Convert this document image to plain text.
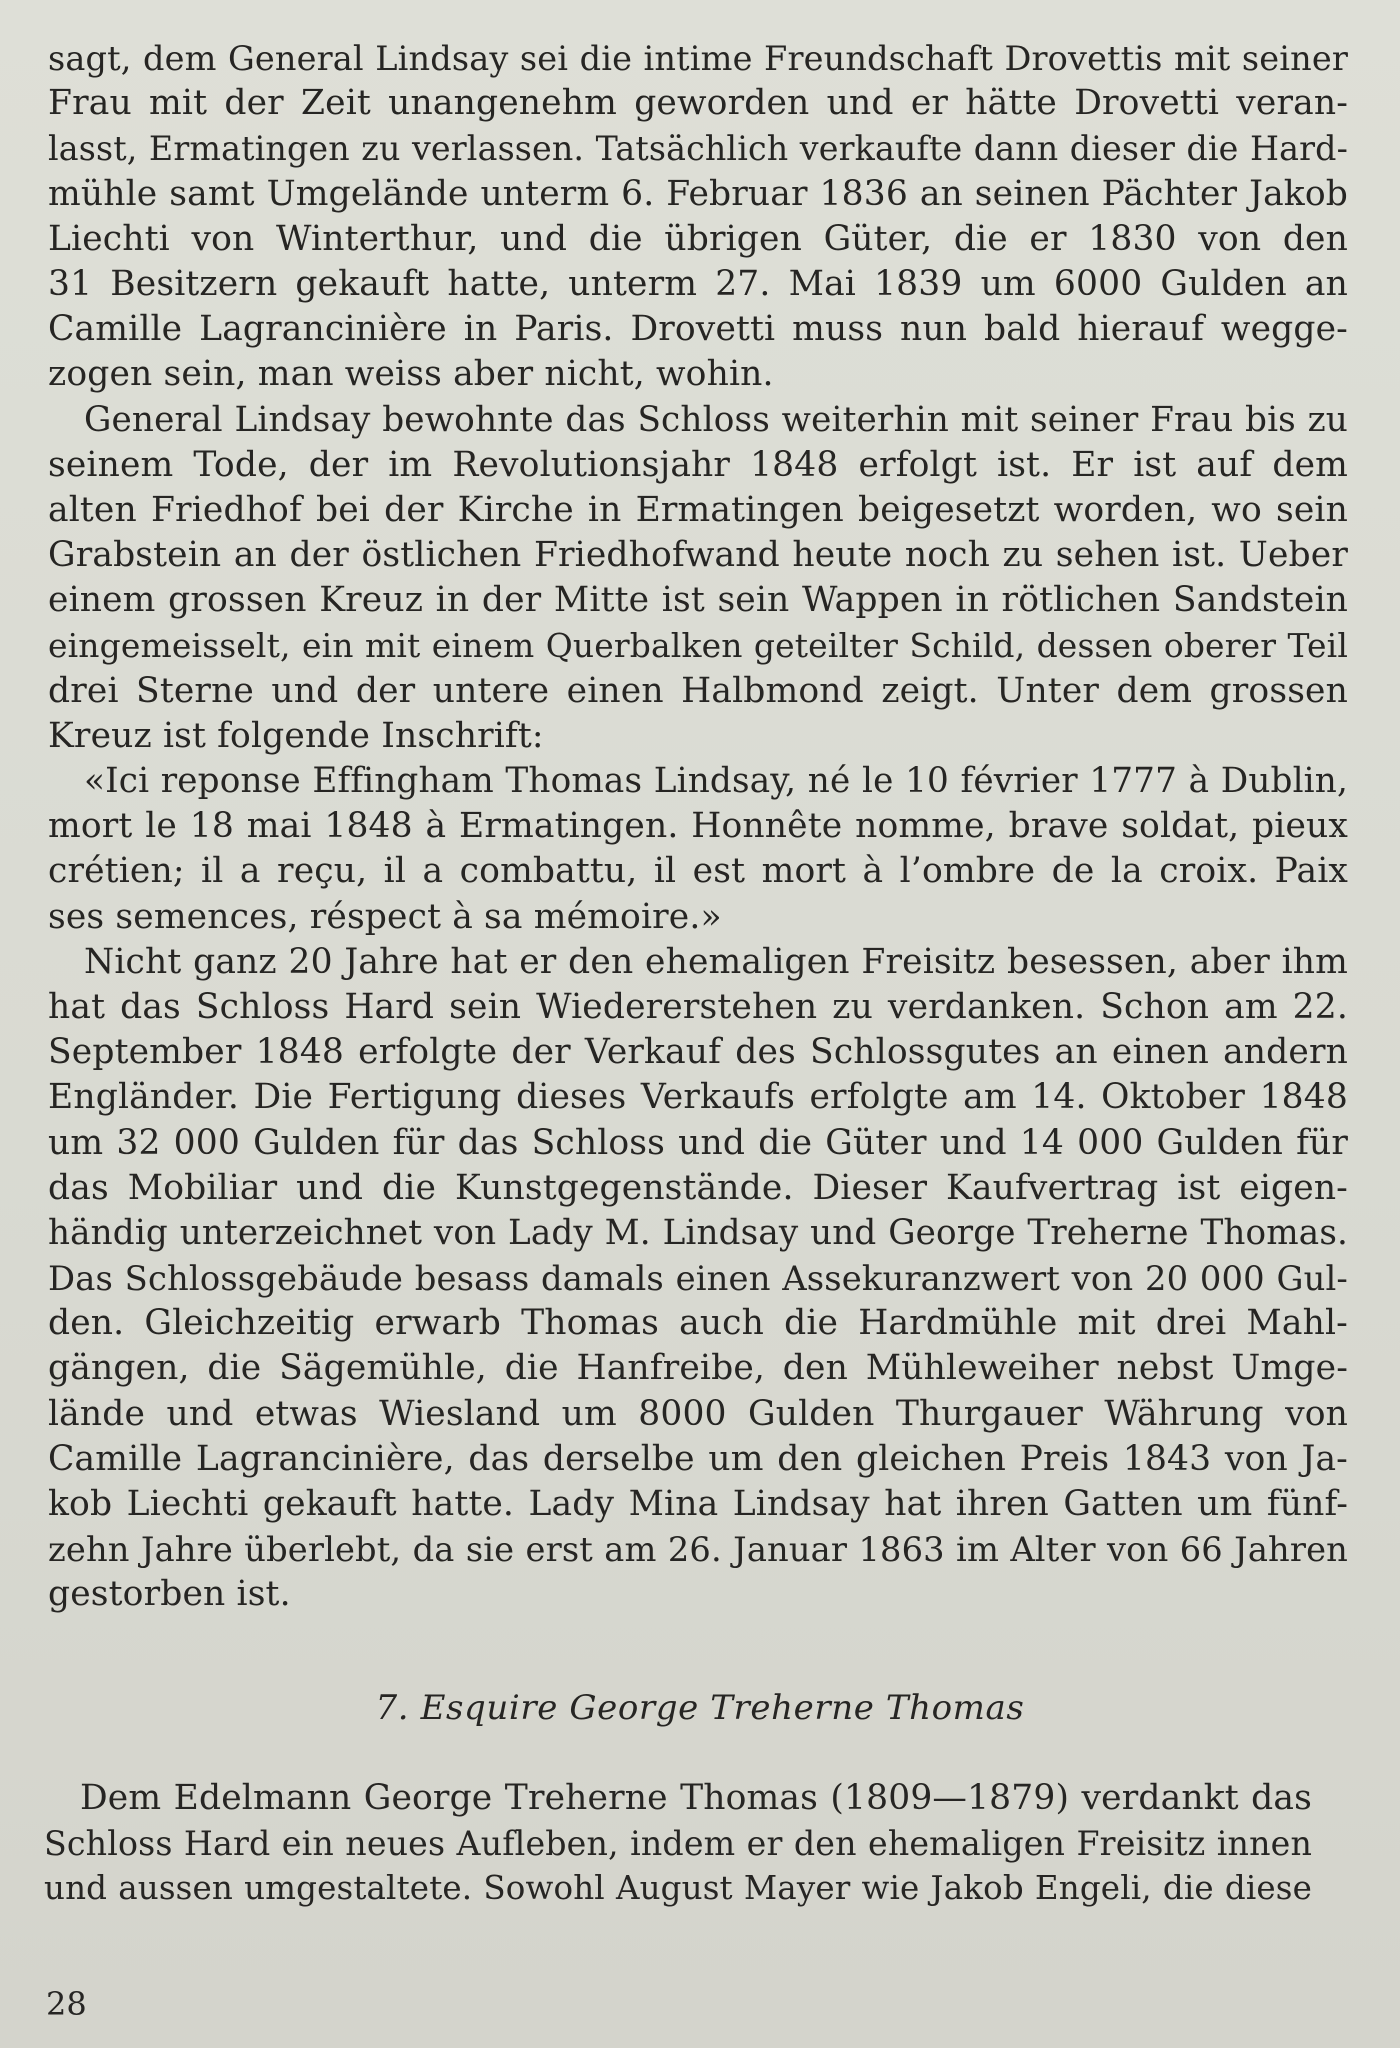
sagt, dem General Lindsay sei die intime Freundschaft Drovettis mit seiner
Frau mit der Zeit unangenehm geworden und er hätte Drovetti veran-
lasst, Ermatingen zu verlassen. Tatsächlich verkaufte dann dieser die Hard-
mühle samt Umgelände unterm 6. Februar 1836 an seinen Pächter Jakob
Liechti von Winterthur, und die übrigen Güter, die er 1830 von den
31 Besitzern gekauft hatte, unterm 27. Mai 1839 um 6000 Gulden an
Camille Lagrancinière in Paris. Drovetti muss nun bald hierauf wegge-
zogen sein, man weiss aber nicht, wohin.
General Lindsay bewohnte das Schloss weiterhin mit seiner Frau bis zu
seinem Tode, der im Revolutionsjahr 1848 erfolgt ist. Er ist auf dem
alten Friedhof bei der Kirche in Ermatingen beigesetzt worden, wo sein
Grabstein an der östlichen Friedhofwand heute noch zu sehen ist. Ueber
einem grossen Kreuz in der Mitte ist sein Wappen in rötlichen Sandstein
eingemeisselt, ein mit einem Querbalken geteilter Schild, dessen oberer Teil
drei Sterne und der untere einen Halbmond zeigt. Unter dem grossen
Kreuz ist folgende Inschrift:
«Ici reponse Effingham Thomas Lindsay, né le 10 février 1777 à Dublin,
mort le 18 mai 1848 à Ermatingen. Honnête nomme, brave soldat, pieux
crétien; il a reçu, il a combattu, il est mort à l’ombre de la croix. Paix
ses semences, réspect à sa mémoire.»
Nicht ganz 20 Jahre hat er den ehemaligen Freisitz besessen, aber ihm
hat das Schloss Hard sein Wiedererstehen zu verdanken. Schon am 22.
September 1848 erfolgte der Verkauf des Schlossgutes an einen andern
Engländer. Die Fertigung dieses Verkaufs erfolgte am 14. Oktober 1848
um 32 000 Gulden für das Schloss und die Güter und 14 000 Gulden für
das Mobiliar und die Kunstgegenstände. Dieser Kaufvertrag ist eigen-
händig unterzeichnet von Lady M. Lindsay und George Treherne Thomas.
Das Schlossgebäude besass damals einen Assekuranzwert von 20 000 Gul-
den. Gleichzeitig erwarb Thomas auch die Hardmühle mit drei Mahl-
gängen, die Sägemühle, die Hanfreibe, den Mühleweiher nebst Umge-
lände und etwas Wiesland um 8000 Gulden Thurgauer Währung von
Camille Lagrancinière, das derselbe um den gleichen Preis 1843 von Ja-
kob Liechti gekauft hatte. Lady Mina Lindsay hat ihren Gatten um fünf-
zehn Jahre überlebt, da sie erst am 26. Januar 1863 im Alter von 66 Jahren
gestorben ist.
7. Esquire George Treherne Thomas
Dem Edelmann George Treherne Thomas (1809—1879) verdankt das
Schloss Hard ein neues Aufleben, indem er den ehemaligen Freisitz innen
und aussen umgestaltete. Sowohl August Mayer wie Jakob Engeli, die diese
28
